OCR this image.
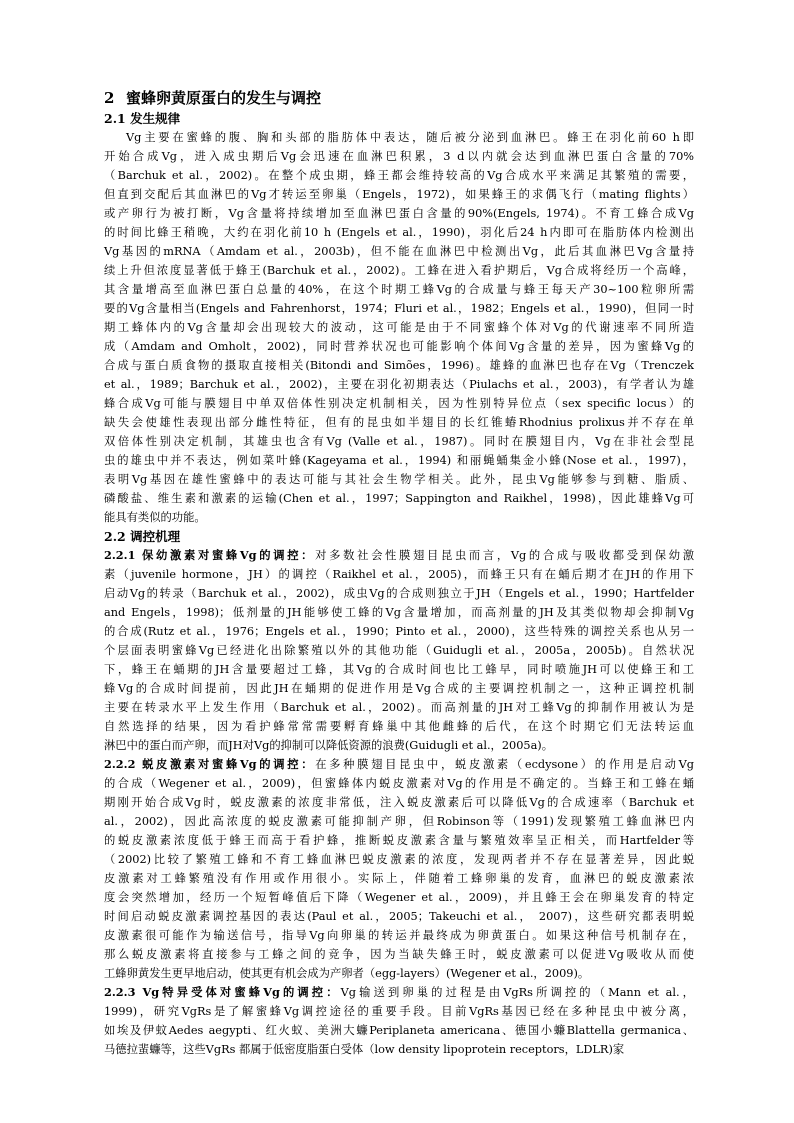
2 蜜蜂卵黄原蛋白的发生与调控
2.1 发生规律
Vg主要在蜜蜂的腹、胸和头部的脂肪体中表达，随后被分泌到血淋巴。蜂王在羽化前60 h即
开始合成Vg，进入成虫期后Vg会迅速在血淋巴积累，3 d以内就会达到血淋巴蛋白含量的70%
（Barchuk et al.，2002)。在整个成虫期，蜂王都会维持较高的Vg合成水平来满足其繁殖的需要，
但直到交配后其血淋巴的Vg才转运至卵巢（Engels，1972)，如果蜂王的求偶飞行（mating flights）
或产卵行为被打断，Vg含量将持续增加至血淋巴蛋白含量的90%(Engels, 1974)。不育工蜂合成Vg
的时间比蜂王稍晚，大约在羽化前10 h (Engels et al.，1990)，羽化后24 h内即可在脂肪体内检测出
Vg基因的mRNA（Amdam et al.，2003b)，但不能在血淋巴中检测出Vg，此后其血淋巴Vg含量持
续上升但浓度显著低于蜂王(Barchuk et al.，2002)。工蜂在进入看护期后，Vg合成将经历一个高峰，
其含量增高至血淋巴蛋白总量的40%，在这个时期工蜂Vg的合成量与蜂王每天产30~100粒卵所需
要的Vg含量相当(Engels and Fahrenhorst，1974；Fluri et al.，1982；Engels et al.，1990)，但同一时
期工蜂体内的Vg含量却会出现较大的波动，这可能是由于不同蜜蜂个体对Vg的代谢速率不同所造
成（Amdam and Omholt，2002)，同时营养状况也可能影响个体间Vg含量的差异，因为蜜蜂Vg的
合成与蛋白质食物的摄取直接相关(Bitondi and Simões，1996)。雄蜂的血淋巴也存在Vg（Trenczek
et al.，1989；Barchuk et al.，2002)，主要在羽化初期表达（Piulachs et al.，2003)，有学者认为雄
蜂合成Vg可能与膜翅目中单双倍体性别决定机制相关，因为性别特异位点（sex specific locus）的
缺失会使雄性表现出部分雌性特征，但有的昆虫如半翅目的长红锥蝽Rhodnius prolixus并不存在单
双倍体性别决定机制，其雄虫也含有Vg (Valle et al.，1987)。同时在膜翅目内，Vg在非社会型昆
虫的雄虫中并不表达，例如菜叶蜂(Kageyama et al.，1994) 和丽蝇蛹集金小蜂(Nose et al.，1997)，
表明Vg基因在雄性蜜蜂中的表达可能与其社会生物学相关。此外，昆虫Vg能够参与到糖、脂质、
磷酸盐、维生素和激素的运输(Chen et al.，1997；Sappington and Raikhel，1998)，因此雄蜂Vg可
能具有类似的功能。
2.2 调控机理
2.2.1 保幼激素对蜜蜂Vg的调控：对多数社会性膜翅目昆虫而言，Vg的合成与吸收都受到保幼激
素（juvenile hormone，JH）的调控（Raikhel et al.，2005)，而蜂王只有在蛹后期才在JH的作用下
启动Vg的转录（Barchuk et al.，2002)，成虫Vg的合成则独立于JH（Engels et al.，1990；Hartfelder
and Engels，1998)；低剂量的JH能够使工蜂的Vg含量增加，而高剂量的JH及其类似物却会抑制Vg
的合成(Rutz et al.，1976；Engels et al.，1990；Pinto et al.，2000)，这些特殊的调控关系也从另一
个层面表明蜜蜂Vg已经进化出除繁殖以外的其他功能（Guidugli et al.，2005a，2005b)。自然状况
下，蜂王在蛹期的JH含量要超过工蜂，其Vg的合成时间也比工蜂早，同时喷施JH可以使蜂王和工
蜂Vg的合成时间提前，因此JH在蛹期的促进作用是Vg合成的主要调控机制之一，这种正调控机制
主要在转录水平上发生作用（Barchuk et al.，2002)。而高剂量的JH对工蜂Vg的抑制作用被认为是
自然选择的结果，因为看护蜂常常需要孵育蜂巢中其他雌蜂的后代，在这个时期它们无法转运血
淋巴中的蛋白而产卵，而JH对Vg的抑制可以降低资源的浪费(Guidugli et al.，2005a)。
2.2.2 蜕皮激素对蜜蜂Vg的调控：在多种膜翅目昆虫中，蜕皮激素（ecdysone）的作用是启动Vg
的合成（Wegener et al.，2009)，但蜜蜂体内蜕皮激素对Vg的作用是不确定的。当蜂王和工蜂在蛹
期刚开始合成Vg时，蜕皮激素的浓度非常低，注入蜕皮激素后可以降低Vg的合成速率（Barchuk et
al.，2002)，因此高浓度的蜕皮激素可能抑制产卵，但Robinson等（1991)发现繁殖工蜂血淋巴内
的蜕皮激素浓度低于蜂王而高于看护蜂，推断蜕皮激素含量与繁殖效率呈正相关，而Hartfelder等
（2002)比较了繁殖工蜂和不育工蜂血淋巴蜕皮激素的浓度，发现两者并不存在显著差异，因此蜕
皮激素对工蜂繁殖没有作用或作用很小。实际上，伴随着工蜂卵巢的发育，血淋巴的蜕皮激素浓
度会突然增加，经历一个短暂峰值后下降（Wegener et al.，2009)，并且蜂王会在卵巢发育的特定
时间启动蜕皮激素调控基因的表达(Paul et al.，2005；Takeuchi et al.， 2007)，这些研究都表明蜕
皮激素很可能作为输送信号，指导Vg向卵巢的转运并最终成为卵黄蛋白。如果这种信号机制存在，
那么蜕皮激素将直接参与工蜂之间的竞争，因为当缺失蜂王时，蜕皮激素可以促进Vg吸收从而使
工蜂卵黄发生更早地启动，使其更有机会成为产卵者（egg-layers）(Wegener et al.，2009)。
2.2.3 Vg特异受体对蜜蜂Vg的调控：Vg输送到卵巢的过程是由VgRs所调控的（Mann et al.，
1999)，研究VgRs是了解蜜蜂Vg调控途径的重要手段。目前VgRs基因已经在多种昆虫中被分离，
如埃及伊蚊Aedes aegypti、红火蚁、美洲大蠊Periplaneta americana、德国小蠊Blattella germanica、
马德拉蜚蠊等，这些VgRs 都属于低密度脂蛋白受体（low density lipoprotein receptors，LDLR)家
